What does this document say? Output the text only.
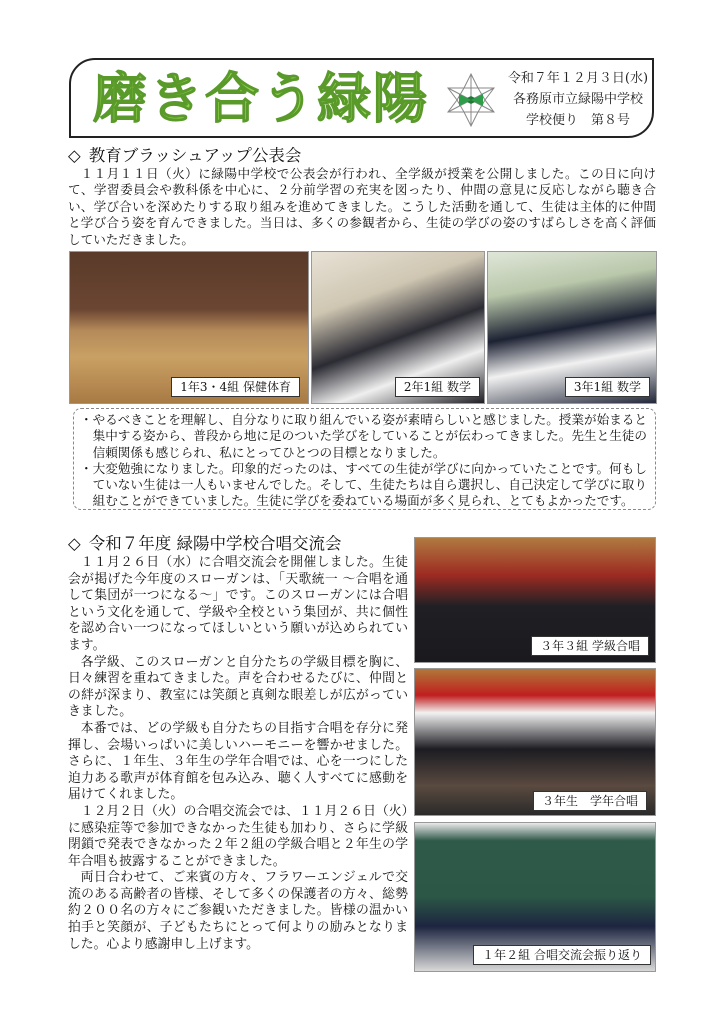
磨き合う緑陽	令和７年１２月３日(水)
各務原市立緑陽中学校
学校便り　第８号
◇ 教育ブラッシュアップ公表会

１１月１１日（火）に緑陽中学校で公表会が行われ、全学級が授業を公開しました。この日に向けて、学習委員会や教科係を中心に、２分前学習の充実を図ったり、仲間の意見に反応しながら聴き合い、学び合いを深めたりする取り組みを進めてきました。こうした活動を通して、生徒は主体的に仲間と学び合う姿を育んできました。当日は、多くの参観者から、生徒の学びの姿のすばらしさを高く評価していただきました。

1年3・4組 保健体育	2年1組 数学	3年1組 数学
・やるべきことを理解し、自分なりに取り組んでいる姿が素晴らしいと感じました。授業が始まると集中する姿から、普段から地に足のついた学びをしていることが伝わってきました。先生と生徒の信頼関係も感じられ、私にとってひとつの目標となりました。
・大変勉強になりました。印象的だったのは、すべての生徒が学びに向かっていたことです。何もしていない生徒は一人もいませんでした。そして、生徒たちは自ら選択し、自己決定して学びに取り組むことができていました。生徒に学びを委ねている場面が多く見られ、とてもよかったです。
◇ 令和７年度 緑陽中学校合唱交流会

１１月２６日（水）に合唱交流会を開催しました。生徒会が掲げた今年度のスローガンは、「天歌統一 ～合唱を通して集団が一つになる～」です。このスローガンには合唱という文化を通して、学級や全校という集団が、共に個性を認め合い一つになってほしいという願いが込められています。

各学級、このスローガンと自分たちの学級目標を胸に、日々練習を重ねてきました。声を合わせるたびに、仲間との絆が深まり、教室には笑顔と真剣な眼差しが広がっていきました。

本番では、どの学級も自分たちの目指す合唱を存分に発揮し、会場いっぱいに美しいハーモニーを響かせました。さらに、１年生、３年生の学年合唱では、心を一つにした迫力ある歌声が体育館を包み込み、聴く人すべてに感動を届けてくれました。

１２月２日（火）の合唱交流会では、１１月２６日（火）に感染症等で参加できなかった生徒も加わり、さらに学級閉鎖で発表できなかった２年２組の学級合唱と２年生の学年合唱も披露することができました。

両日合わせて、ご来賓の方々、フラワーエンジェルで交流のある高齢者の皆様、そして多くの保護者の方々、総勢約２００名の方々にご参観いただきました。皆様の温かい拍手と笑顔が、子どもたちにとって何よりの励みとなりました。心より感謝申し上げます。

３年３組 学級合唱
３年生　学年合唱
１年２組 合唱交流会振り返り
